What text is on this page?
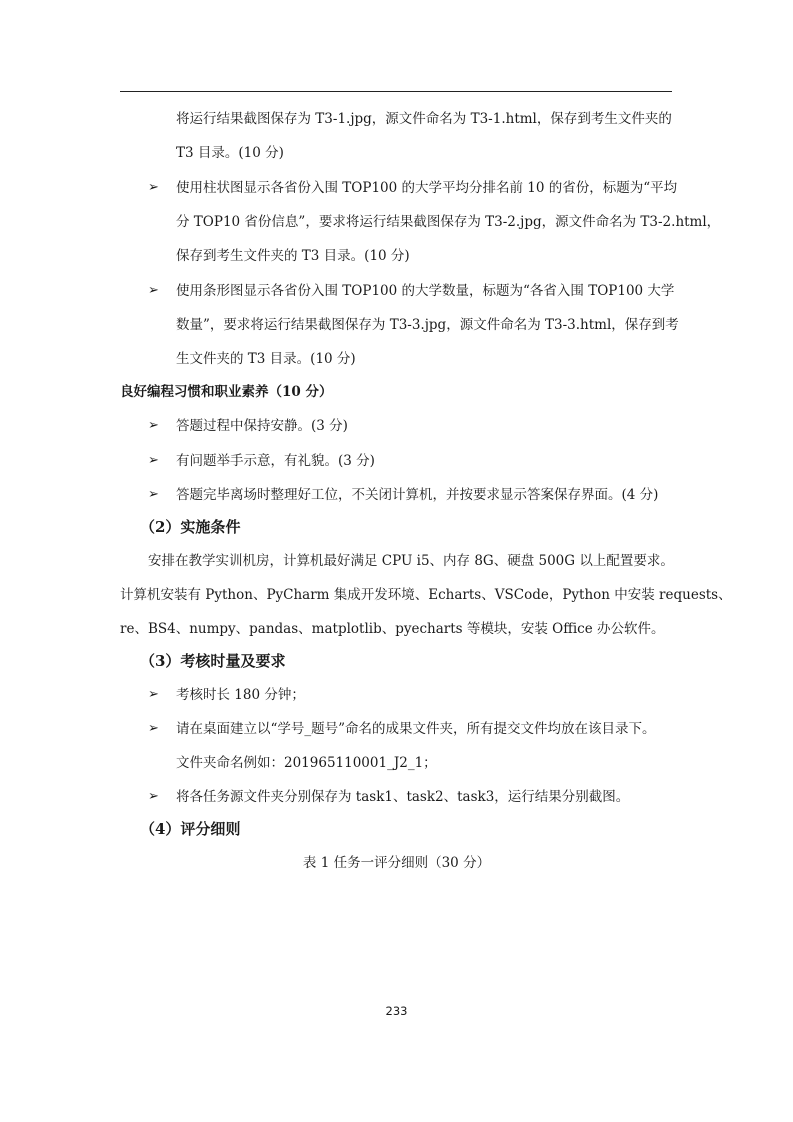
将运行结果截图保存为 T3-1.jpg，源文件命名为 T3-1.html，保存到考生文件夹的
T3 目录。(10 分)
➢ 使用柱状图显示各省份入围 TOP100 的大学平均分排名前 10 的省份，标题为“平均
分 TOP10 省份信息”，要求将运行结果截图保存为 T3-2.jpg，源文件命名为 T3-2.html，
保存到考生文件夹的 T3 目录。(10 分)
➢ 使用条形图显示各省份入围 TOP100 的大学数量，标题为“各省入围 TOP100 大学
数量”，要求将运行结果截图保存为 T3-3.jpg，源文件命名为 T3-3.html，保存到考
生文件夹的 T3 目录。(10 分)
良好编程习惯和职业素养（10 分）
➢ 答题过程中保持安静。(3 分)
➢ 有问题举手示意，有礼貌。(3 分)
➢ 答题完毕离场时整理好工位，不关闭计算机，并按要求显示答案保存界面。(4 分)
（2）实施条件
安排在教学实训机房，计算机最好满足 CPU i5、内存 8G、硬盘 500G 以上配置要求。
计算机安装有 Python、PyCharm 集成开发环境、Echarts、VSCode，Python 中安装 requests、
re、BS4、numpy、pandas、matplotlib、pyecharts 等模块，安装 Office 办公软件。
（3）考核时量及要求
➢ 考核时长 180 分钟；
➢ 请在桌面建立以“学号_题号”命名的成果文件夹，所有提交文件均放在该目录下。
文件夹命名例如：201965110001_J2_1；
➢ 将各任务源文件夹分别保存为 task1、task2、task3，运行结果分别截图。
（4）评分细则
表 1 任务一评分细则（30 分）
233
